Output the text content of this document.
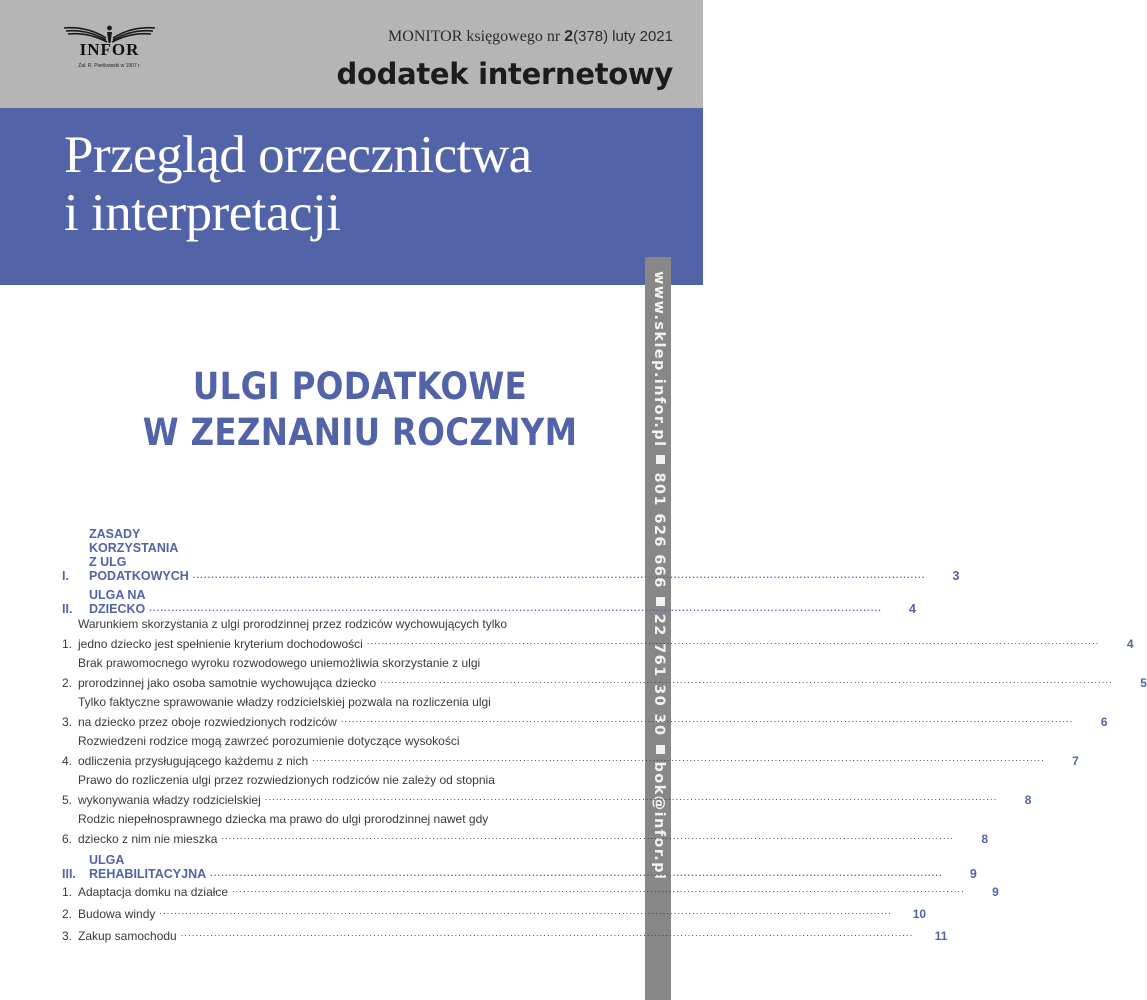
INFOR
Zał. R. Pieńkowski w 1907 r.
MONITOR księgowego nr 2(378) luty 2021
dodatek internetowy
Przegląd orzecznictwa
i interpretacji
www.sklep.infor.pl801 626 66622 761 30 30bok@infor.pl
ULGI PODATKOWE
W ZEZNANIU ROCZNYM
I.
ZASADY KORZYSTANIA Z ULG PODATKOWYCH ......................................................................................................................................................................................................	3
II.
ULGA NA DZIECKO ......................................................................................................................................................................................................	4
1.
Warunkiem skorzystania z ulgi prorodzinnej przez rodziców wychowujących tylko
jedno dziecko jest spełnienie kryterium dochodowości ......................................................................................................................................................................................................	4
2.
Brak prawomocnego wyroku rozwodowego uniemożliwia skorzystanie z ulgi
prorodzinnej jako osoba samotnie wychowująca dziecko ......................................................................................................................................................................................................	5
3.
Tylko faktyczne sprawowanie władzy rodzicielskiej pozwala na rozliczenia ulgi
na dziecko przez oboje rozwiedzionych rodziców ......................................................................................................................................................................................................	6
4.
Rozwiedzeni rodzice mogą zawrzeć porozumienie dotyczące wysokości
odliczenia przysługującego każdemu z nich ......................................................................................................................................................................................................	7
5.
Prawo do rozliczenia ulgi przez rozwiedzionych rodziców nie zależy od stopnia
wykonywania władzy rodzicielskiej ......................................................................................................................................................................................................	8
6.
Rodzic niepełnosprawnego dziecka ma prawo do ulgi prorodzinnej nawet gdy
dziecko z nim nie mieszka ......................................................................................................................................................................................................	8
III.
ULGA REHABILITACYJNA ......................................................................................................................................................................................................	9
1. Adaptacja domku na działce ......................................................................................................................................................................................................	9
2. Budowa windy ......................................................................................................................................................................................................	10
3. Zakup samochodu ......................................................................................................................................................................................................	11
